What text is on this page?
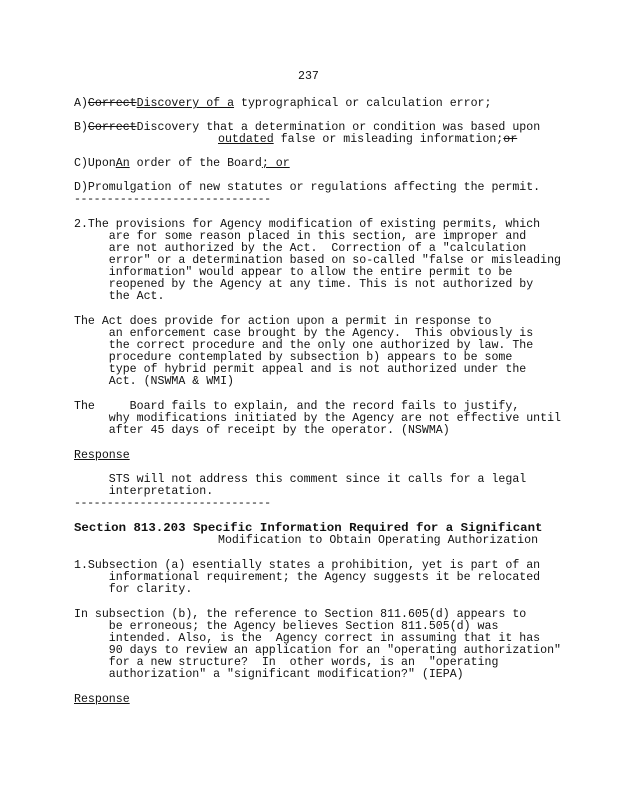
237
A)CorrectDiscovery of a typrographical or calculation error;
B)CorrectDiscovery that a determination or condition was based upon
outdated false or misleading information;or
C)UponAn order of the Board; or
D)Promulgation of new statutes or regulations affecting the permit.
------------------------------
2.The provisions for Agency modification of existing permits, which
are for some reason placed in this section, are improper and
are not authorized by the Act.  Correction of a "calculation
error" or a determination based on so-called "false or misleading
information" would appear to allow the entire permit to be
reopened by the Agency at any time. This is not authorized by
the Act.
The Act does provide for action upon a permit in response to
an enforcement case brought by the Agency.  This obviously is
the correct procedure and the only one authorized by law. The
procedure contemplated by subsection b) appears to be some
type of hybrid permit appeal and is not authorized under the
Act. (NSWMA & WMI)
The     Board fails to explain, and the record fails to justify,
why modifications initiated by the Agency are not effective until
after 45 days of receipt by the operator. (NSWMA)
Response
STS will not address this comment since it calls for a legal
interpretation.
------------------------------
Section 813.203 Specific Information Required for a Significant
Modification to Obtain Operating Authorization
1.Subsection (a) esentially states a prohibition, yet is part of an
informational requirement; the Agency suggests it be relocated
for clarity.
In subsection (b), the reference to Section 811.605(d) appears to
be erroneous; the Agency believes Section 811.505(d) was
intended. Also, is the  Agency correct in assuming that it has
90 days to review an application for an "operating authorization"
for a new structure?  In  other words, is an  "operating
authorization" a "significant modification?" (IEPA)
Response
